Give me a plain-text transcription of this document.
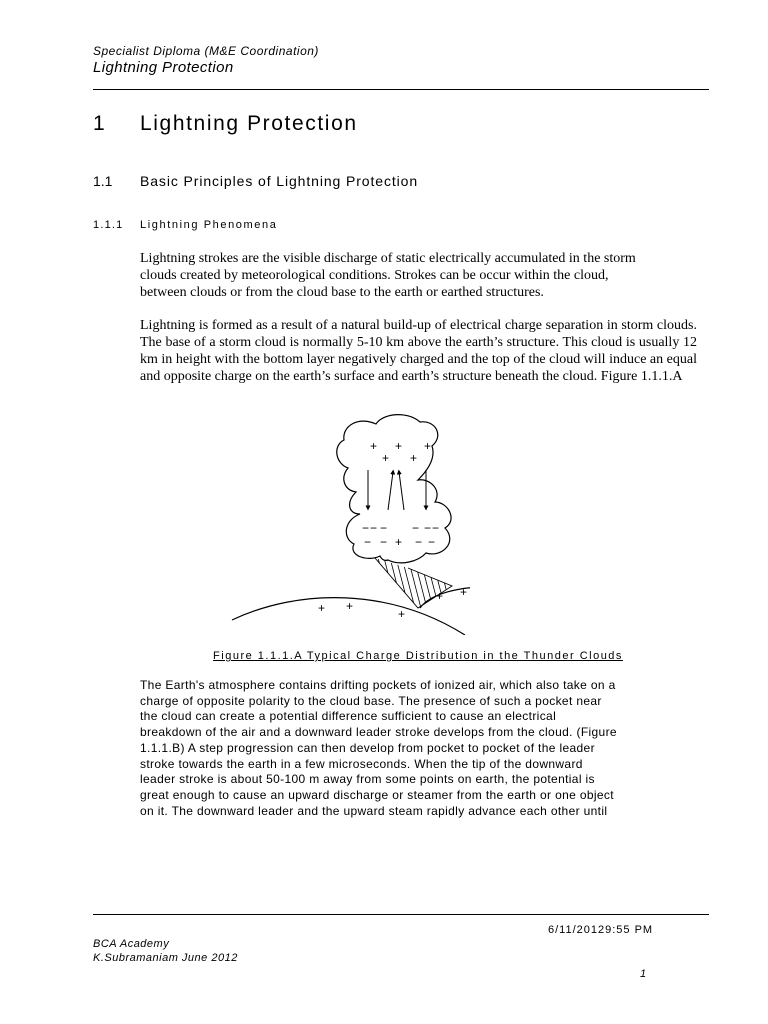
Specialist Diploma (M&E Coordination)
Lightning Protection
1 Lightning Protection
1.1 Basic Principles of Lightning Protection
1.1.1 Lightning Phenomena
Lightning strokes are the visible discharge of static electrically accumulated in the storm
clouds created by meteorological conditions. Strokes can be occur within the cloud,
between clouds or from the cloud base to the earth or earthed structures.
Lightning is formed as a result of a natural build-up of electrical charge separation in storm clouds. The base of a storm cloud is normally 5-10 km above the earth’s structure. This cloud is usually 12 km in height with the bottom layer negatively charged and the top of the cloud will induce an equal and opposite charge on the earth’s surface and earth’s structure beneath the cloud. Figure 1.1.1.A
+ + +
+ +
− − − − − −
− − + − −
+ +
+
+ +
Figure 1.1.1.A Typical Charge Distribution in the Thunder Clouds
The Earth's atmosphere contains drifting pockets of ionized air, which also take on a
charge of opposite polarity to the cloud base. The presence of such a pocket near
the cloud can create a potential difference sufficient to cause an electrical
breakdown of the air and a downward leader stroke develops from the cloud. (Figure
1.1.1.B) A step progression can then develop from pocket to pocket of the leader
stroke towards the earth in a few microseconds. When the tip of the downward
leader stroke is about 50-100 m away from some points on earth, the potential is
great enough to cause an upward discharge or steamer from the earth or one object
on it. The downward leader and the upward steam rapidly advance each other until
6/11/20129:55 PM
BCA Academy
K.Subramaniam June 2012
1
